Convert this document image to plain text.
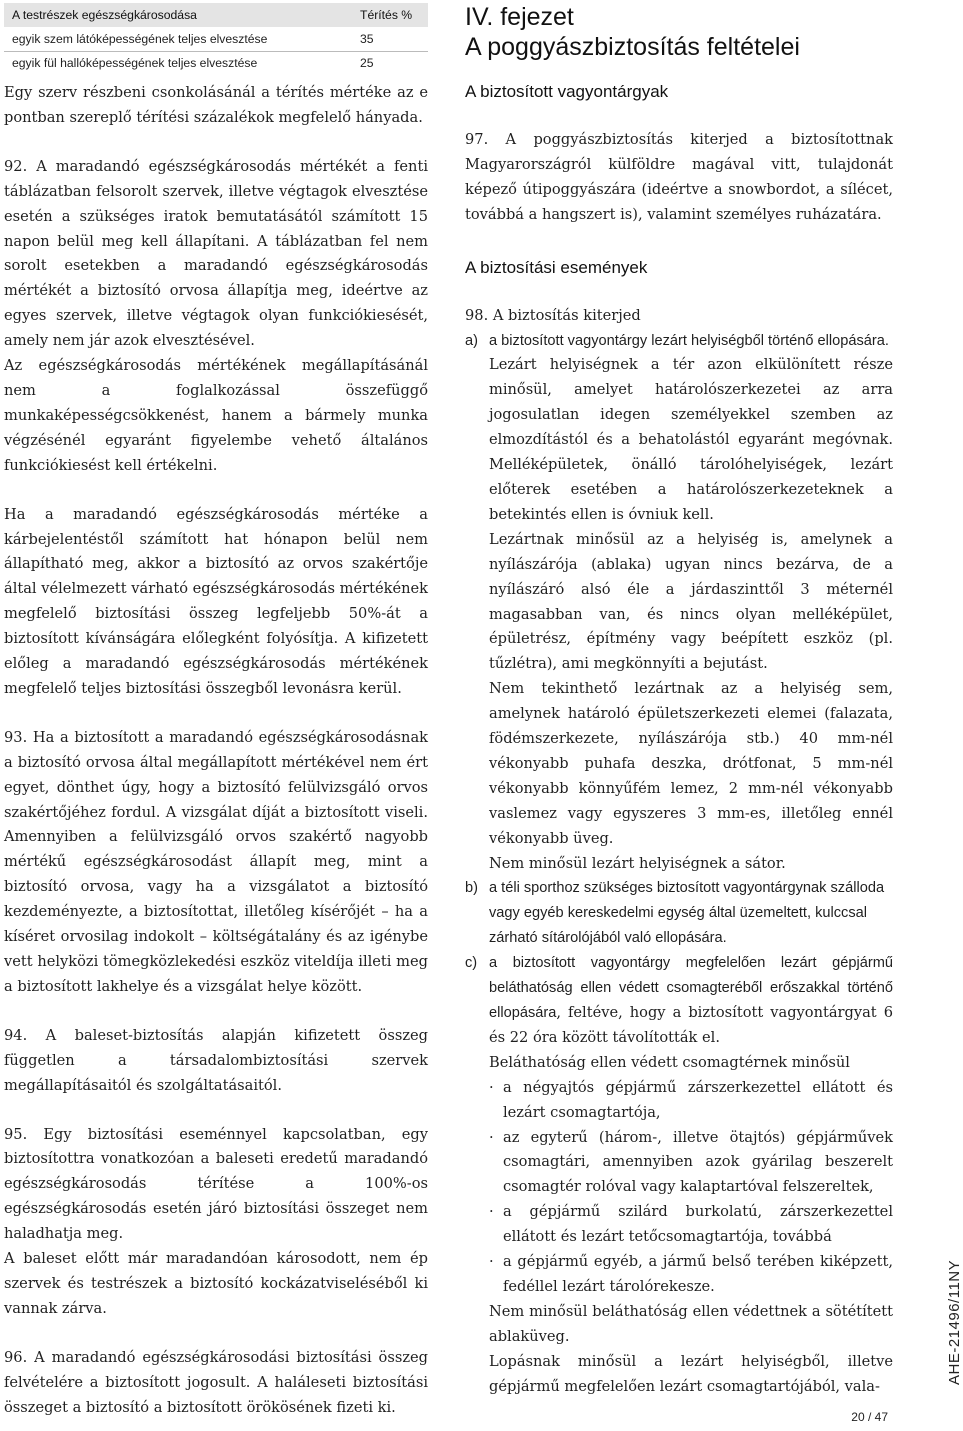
A testrészek egészségkárosodása	Térítés %
egyik szem látóképességének teljes elvesztése	35
egyik fül hallóképességének teljes elvesztése	25

Egy szerv részbeni csonkolásánál a térítés mértéke az e pontban szereplő térítési százalékok megfelelő hányada.

92. A maradandó egészségkárosodás mértékét a fenti táblázatban felsorolt szervek, illetve végtagok elvesztése esetén a szükséges iratok bemutatásától számított 15 napon belül meg kell állapítani. A táblázatban fel nem sorolt esetekben a maradandó egészségkárosodás mértékét a biztosító orvosa állapítja meg, ideértve az egyes szervek, illetve végtagok olyan funkciókiesését, amely nem jár azok elvesztésével.

Az egészségkárosodás mértékének megállapításánál nem a foglalkozással összefüggő munkaképességcsökkenést, hanem a bármely munka végzésénél egyaránt figyelembe vehető általános funkciókiesést kell értékelni.

Ha a maradandó egészségkárosodás mértéke a kárbejelentéstől számított hat hónapon belül nem állapítható meg, akkor a biztosító az orvos szakértője által vélelmezett várható egészségkárosodás mértékének megfelelő biztosítási összeg legfeljebb 50%-át a biztosított kívánságára előlegként folyósítja. A kifizetett előleg a maradandó egészségkárosodás mértékének megfelelő teljes biztosítási összegből levonásra kerül.

93. Ha a biztosított a maradandó egészségkárosodásnak a biztosító orvosa által megállapított mértékével nem ért egyet, dönthet úgy, hogy a biztosító felülvizsgáló orvos szakértőjéhez fordul. A vizsgálat díját a biztosított viseli. Amennyiben a felülvizsgáló orvos szakértő nagyobb mértékű egészségkárosodást állapít meg, mint a biztosító orvosa, vagy ha a vizsgálatot a biztosító kezdeményezte, a biztosítottat, illetőleg kísérőjét – ha a kíséret orvosilag indokolt – költségátalány és az igénybe vett helyközi tömegközlekedési eszköz viteldíja illeti meg a biztosított lakhelye és a vizsgálat helye között.

94. A baleset-biztosítás alapján kifizetett összeg független a társadalombiztosítási szervek megállapításaitól és szolgáltatásaitól.

95. Egy biztosítási eseménnyel kapcsolatban, egy biztosítottra vonatkozóan a baleseti eredetű maradandó egészségkárosodás térítése a 100%-os egészségkárosodás esetén járó biztosítási összeget nem haladhatja meg.

A baleset előtt már maradandóan károsodott, nem ép szervek és testrészek a biztosító kockázatviseléséből ki vannak zárva.

96. A maradandó egészségkárosodási biztosítási összeg felvételére a biztosított jogosult. A haláleseti biztosítási összeget a biztosító a biztosított örökösének fizeti ki.

IV. fejezet
A poggyászbiztosítás feltételei
A biztosított vagyontárgyak

97. A poggyászbiztosítás kiterjed a biztosítottnak Magyarországról külföldre magával vitt, tulajdonát képező útipoggyászára (ideértve a snowbordot, a sílécet, továbbá a hangszert is), valamint személyes ruházatára.

A biztosítási események

98. A biztosítás kiterjed

a) a biztosított vagyontárgy lezárt helyiségből történő ellopására.

Lezárt helyiségnek a tér azon elkülönített része minősül, amelyet határolószerkezetei az arra jogosulatlan idegen személyekkel szemben az elmozdítástól és a behatolástól egyaránt megóvnak. Melléképületek, önálló tárolóhelyiségek, lezárt előterek esetében a határolószerkezeteknek a betekintés ellen is óvniuk kell.

Lezártnak minősül az a helyiség is, amelynek a nyílászárója (ablaka) ugyan nincs bezárva, de a nyílászáró alsó éle a járdaszinttől 3 méternél magasabban van, és nincs olyan melléképület, épületrész, építmény vagy beépített eszköz (pl. tűzlétra), ami megkönnyíti a bejutást.

Nem tekinthető lezártnak az a helyiség sem, amelynek határoló épületszerkezeti elemei (falazata, födémszerkezete, nyílászárója stb.) 40 mm-nél vékonyabb puhafa deszka, drótfonat, 5 mm-nél vékonyabb könnyűfém lemez, 2 mm-nél vékonyabb vaslemez vagy egyszeres 3 mm-es, illetőleg ennél vékonyabb üveg.

Nem minősül lezárt helyiségnek a sátor.

b) a téli sporthoz szükséges biztosított vagyontárgynak szálloda vagy egyéb kereskedelmi egység által üzemeltett, kulccsal zárható sítárolójából való ellopására.

c) a biztosított vagyontárgy megfelelően lezárt gépjármű beláthatóság ellen védett csomagteréből erőszakkal történő ellopására, feltéve, hogy a biztosított vagyontárgyat 6 és 22 óra között távolították el.

Beláthatóság ellen védett csomagtérnek minősül

· a négyajtós gépjármű zárszerkezettel ellátott és lezárt csomagtartója,

· az egyterű (három-, illetve ötajtós) gépjárművek csomagtári, amennyiben azok gyárilag beszerelt csomagtér rolóval vagy kalaptartóval felszereltek,

· a gépjármű szilárd burkolatú, zárszerkezettel ellátott és lezárt tetőcsomagtartója, továbbá

· a gépjármű egyéb, a jármű belső terében kiképzett, fedéllel lezárt tárolórekesze.

Nem minősül beláthatóság ellen védettnek a sötétített ablaküveg.

Lopásnak minősül a lezárt helyiségből, illetve gépjármű megfelelően lezárt csomagtartójából, vala-

AHE-21496/11NY
20 / 47
